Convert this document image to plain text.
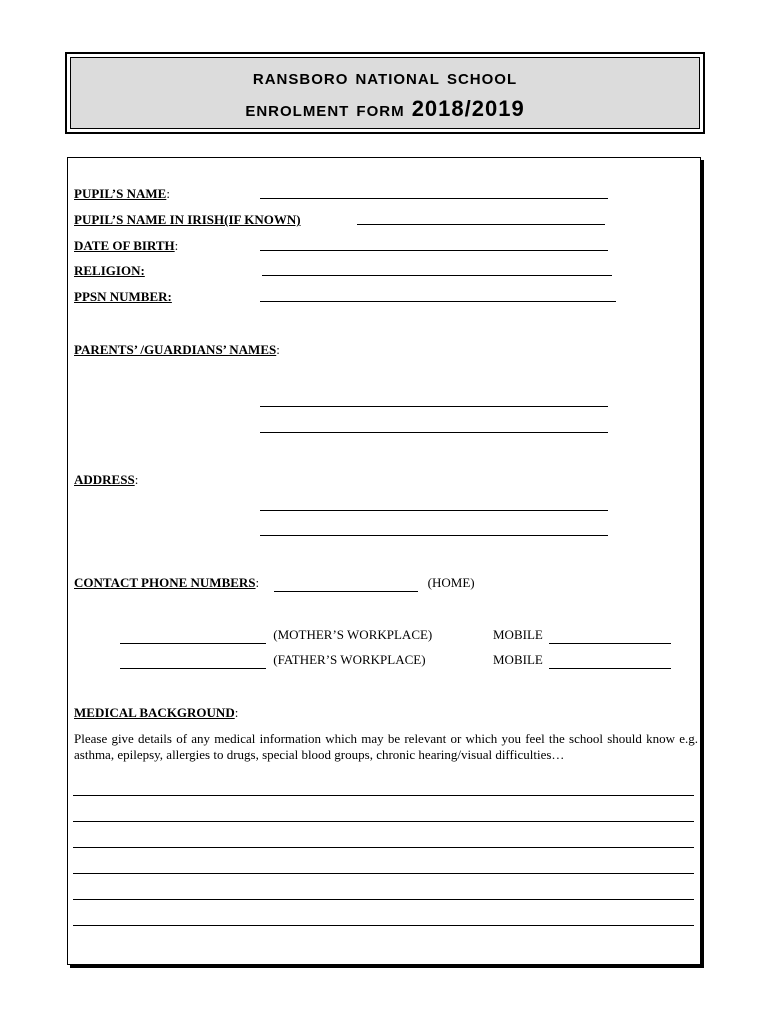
ransboro national school
enrolment form 2018/2019
PUPIL’S NAME:
PUPIL’S NAME IN IRISH(IF KNOWN)
DATE OF BIRTH:
RELIGION:
PPSN NUMBER:
PARENTS’ /GUARDIANS’ NAMES:
ADDRESS:
CONTACT PHONE NUMBERS:	(HOME)
(MOTHER’S WORKPLACE)	MOBILE
(FATHER’S WORKPLACE)	MOBILE
MEDICAL BACKGROUND:
Please give details of any medical information which may be relevant or which you feel the school should know e.g. asthma, epilepsy, allergies to drugs, special blood groups, chronic hearing/visual difficulties…
